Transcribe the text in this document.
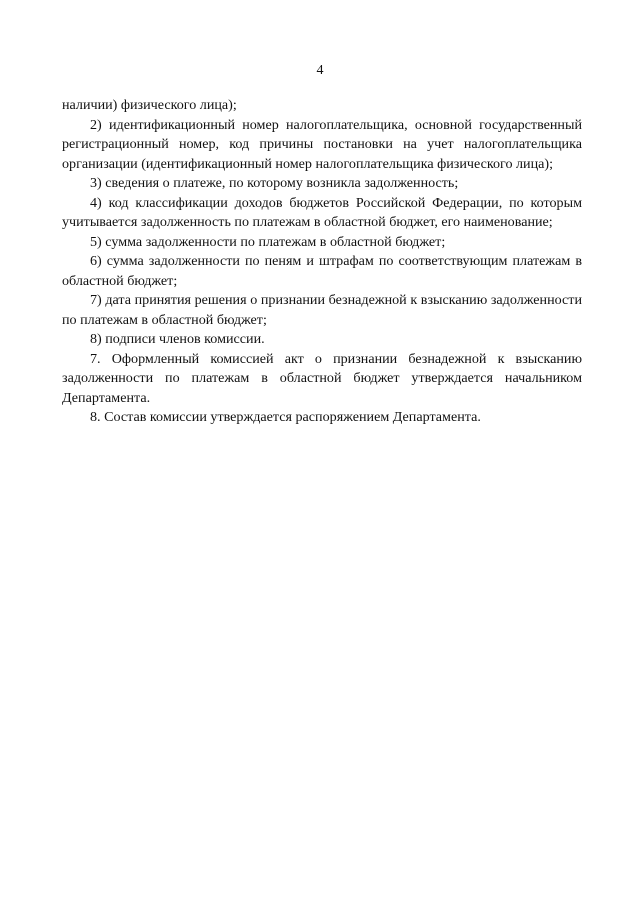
4

наличии) физического лица);

2) идентификационный номер налогоплательщика, основной государственный регистрационный номер, код причины постановки на учет налогоплательщика организации (идентификационный номер налогоплательщика физического лица);

3) сведения о платеже, по которому возникла задолженность;

4) код классификации доходов бюджетов Российской Федерации, по которым учитывается задолженность по платежам в областной бюджет, его наименование;

5) сумма задолженности по платежам в областной бюджет;

6) сумма задолженности по пеням и штрафам по соответствующим платежам в областной бюджет;

7) дата принятия решения о признании безнадежной к взысканию задолженности по платежам в областной бюджет;

8) подписи членов комиссии.

7. Оформленный комиссией акт о признании безнадежной к взысканию задолженности по платежам в областной бюджет утверждается начальником Департамента.

8. Состав комиссии утверждается распоряжением Департамента.
